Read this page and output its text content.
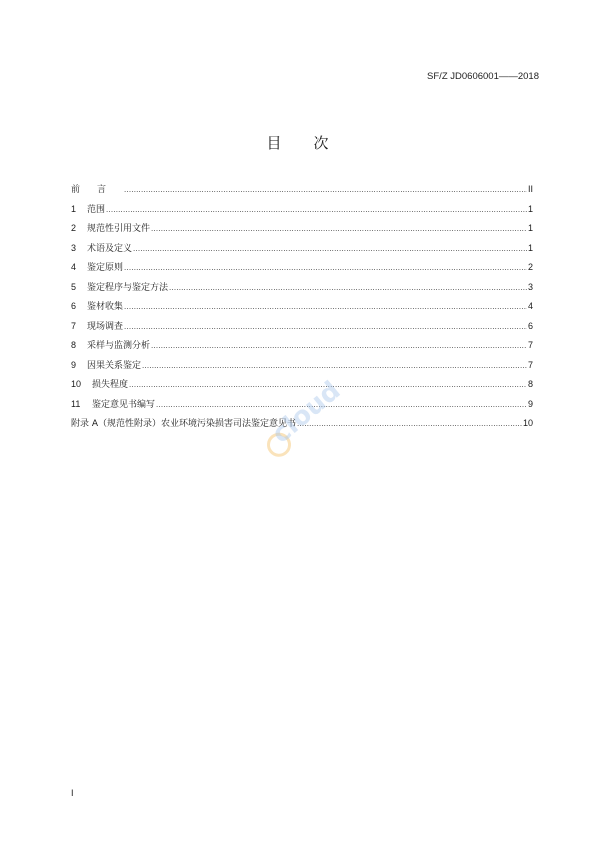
SF/Z JD0606001——2018
目 次
前言 .....	II
1	范围 .....	1
2	规范性引用文件 .....	1
3	术语及定义 .....	1
4	鉴定原则 .....	2
5	鉴定程序与鉴定方法 .....	3
6	鉴材收集 .....	4
7	现场调查 .....	6
8	采样与监测分析 .....	7
9	因果关系鉴定 .....	7
10	损失程度 .....	8
11	鉴定意见书编写 .....	9
附录 A（规范性附录）农业环境污染损害司法鉴定意见书 .....	10
cloud
I
